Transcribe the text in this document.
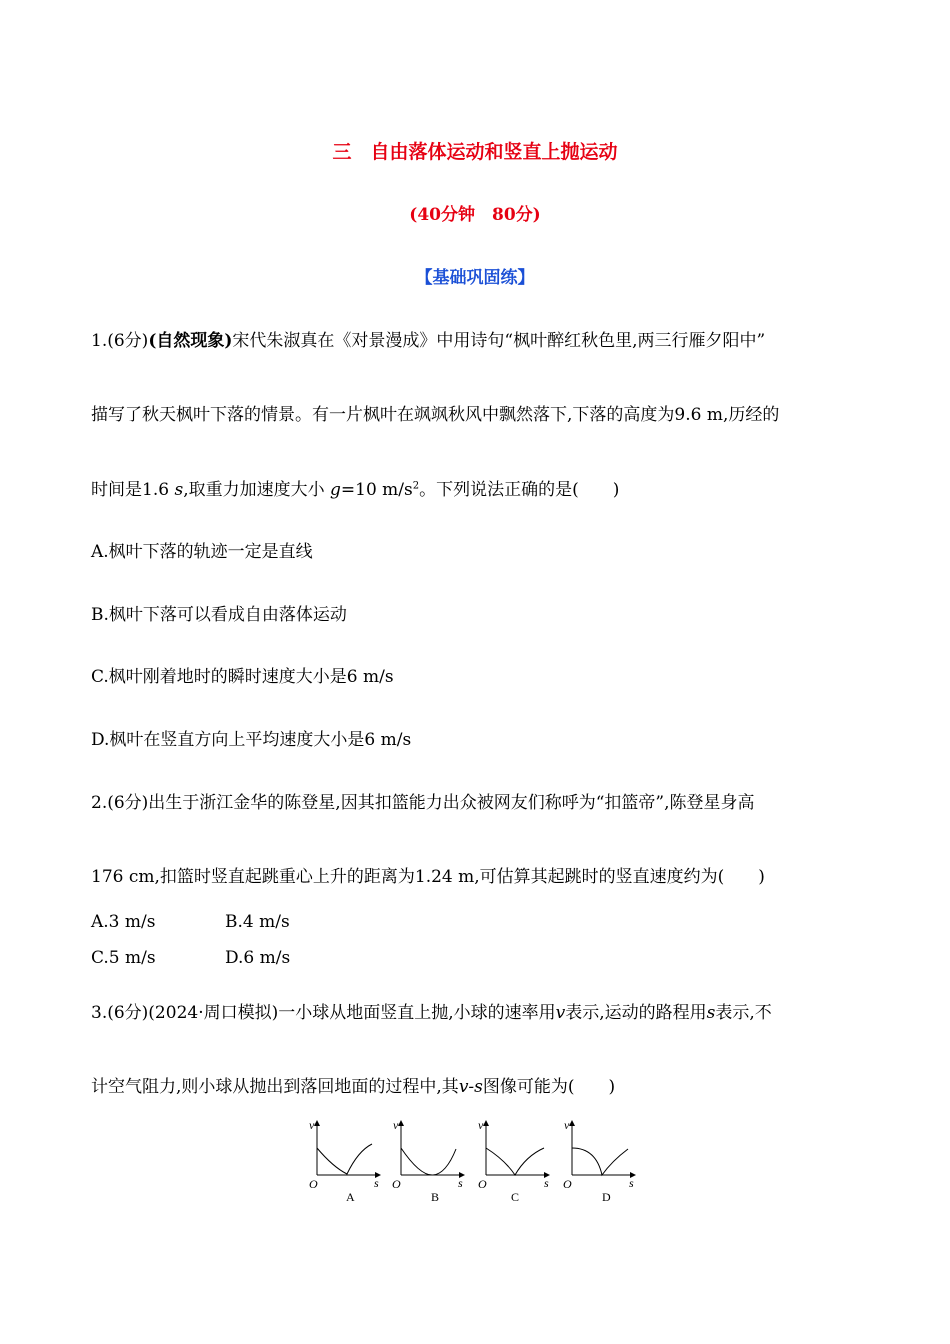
三　自由落体运动和竖直上抛运动
(40分钟　80分)
【基础巩固练】
1.(6分)(自然现象)宋代朱淑真在《对景漫成》中用诗句“枫叶醉红秋色里,两三行雁夕阳中”
描写了秋天枫叶下落的情景。有一片枫叶在飒飒秋风中飘然落下,下落的高度为9.6 m,历经的
时间是1.6 s,取重力加速度大小 g=10 $m/s^2$。下列说法正确的是(　　)
A.枫叶下落的轨迹一定是直线
B.枫叶下落可以看成自由落体运动
C.枫叶刚着地时的瞬时速度大小是6 m/s
D.枫叶在竖直方向上平均速度大小是6 m/s
2.(6分)出生于浙江金华的陈登星,因其扣篮能力出众被网友们称呼为“扣篮帝”,陈登星身高
176 cm,扣篮时竖直起跳重心上升的距离为1.24 m,可估算其起跳时的竖直速度约为(　　)
A.3 m/s	B.4 m/s
C.5 m/s	D.6 m/s
3.(6分)(2024·周口模拟)一小球从地面竖直上抛,小球的速率用v表示,运动的路程用s表示,不
计空气阻力,则小球从抛出到落回地面的过程中,其v-s图像可能为(　　)
O
v
s
A
O
v
s
B
O
v
s
C
O
v
s
D
